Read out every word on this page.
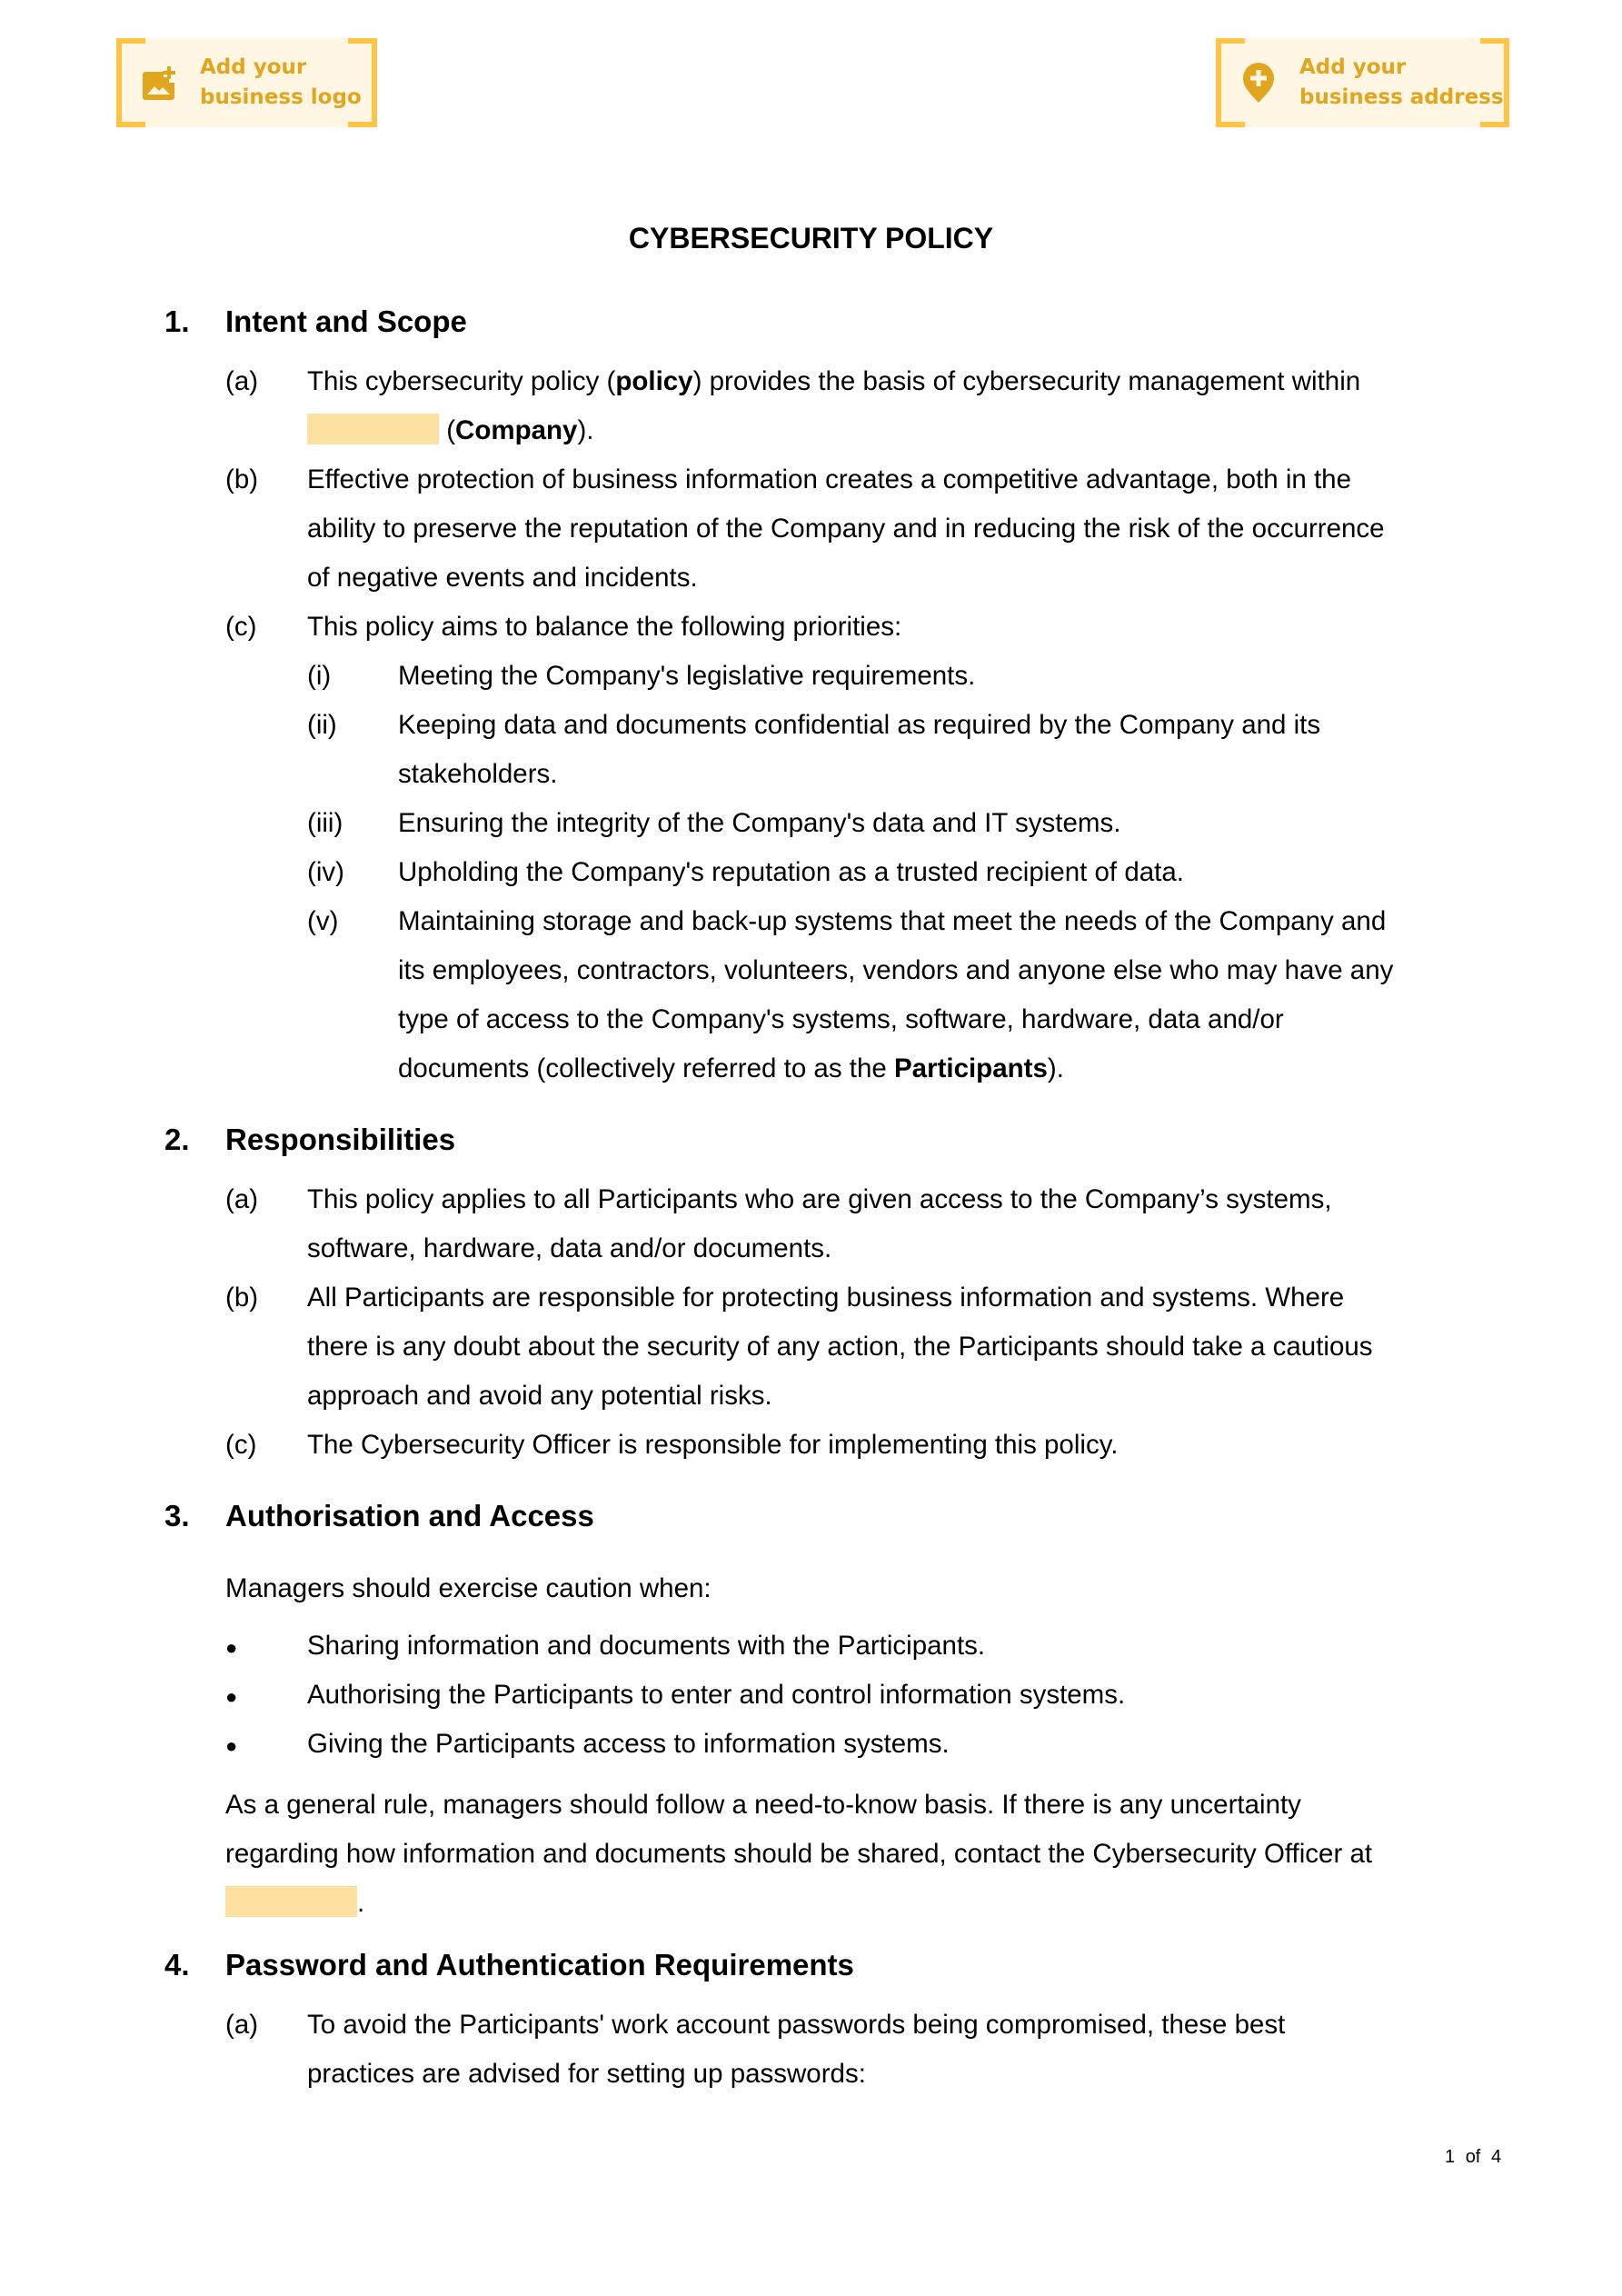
Add your
business logo
Add your
business address
CYBERSECURITY POLICY
1. Intent and Scope
(a) This cybersecurity policy (policy) provides the basis of cybersecurity management within
(Company).
(b) Effective protection of business information creates a competitive advantage, both in the
ability to preserve the reputation of the Company and in reducing the risk of the occurrence
of negative events and incidents.
(c) This policy aims to balance the following priorities:
(i)	Meeting the Company's legislative requirements.
(ii) Keeping data and documents confidential as required by the Company and its
stakeholders.
(iii) Ensuring the integrity of the Company's data and IT systems.
(iv) Upholding the Company's reputation as a trusted recipient of data.
(v) Maintaining storage and back-up systems that meet the needs of the Company and
its employees, contractors, volunteers, vendors and anyone else who may have any
type of access to the Company's systems, software, hardware, data and/or
documents (collectively referred to as the Participants).
2. Responsibilities
(a) This policy applies to all Participants who are given access to the Company’s systems,
software, hardware, data and/or documents.
(b) All Participants are responsible for protecting business information and systems. Where
there is any doubt about the security of any action, the Participants should take a cautious
approach and avoid any potential risks.
(c) The Cybersecurity Officer is responsible for implementing this policy.
3. Authorisation and Access
Managers should exercise caution when:
●	Sharing information and documents with the Participants.
●	Authorising the Participants to enter and control information systems.
●	Giving the Participants access to information systems.
As a general rule, managers should follow a need-to-know basis. If there is any uncertainty
regarding how information and documents should be shared, contact the Cybersecurity Officer at
.
4. Password and Authentication Requirements
(a) To avoid the Participants' work account passwords being compromised, these best
practices are advised for setting up passwords:
1 of 4
